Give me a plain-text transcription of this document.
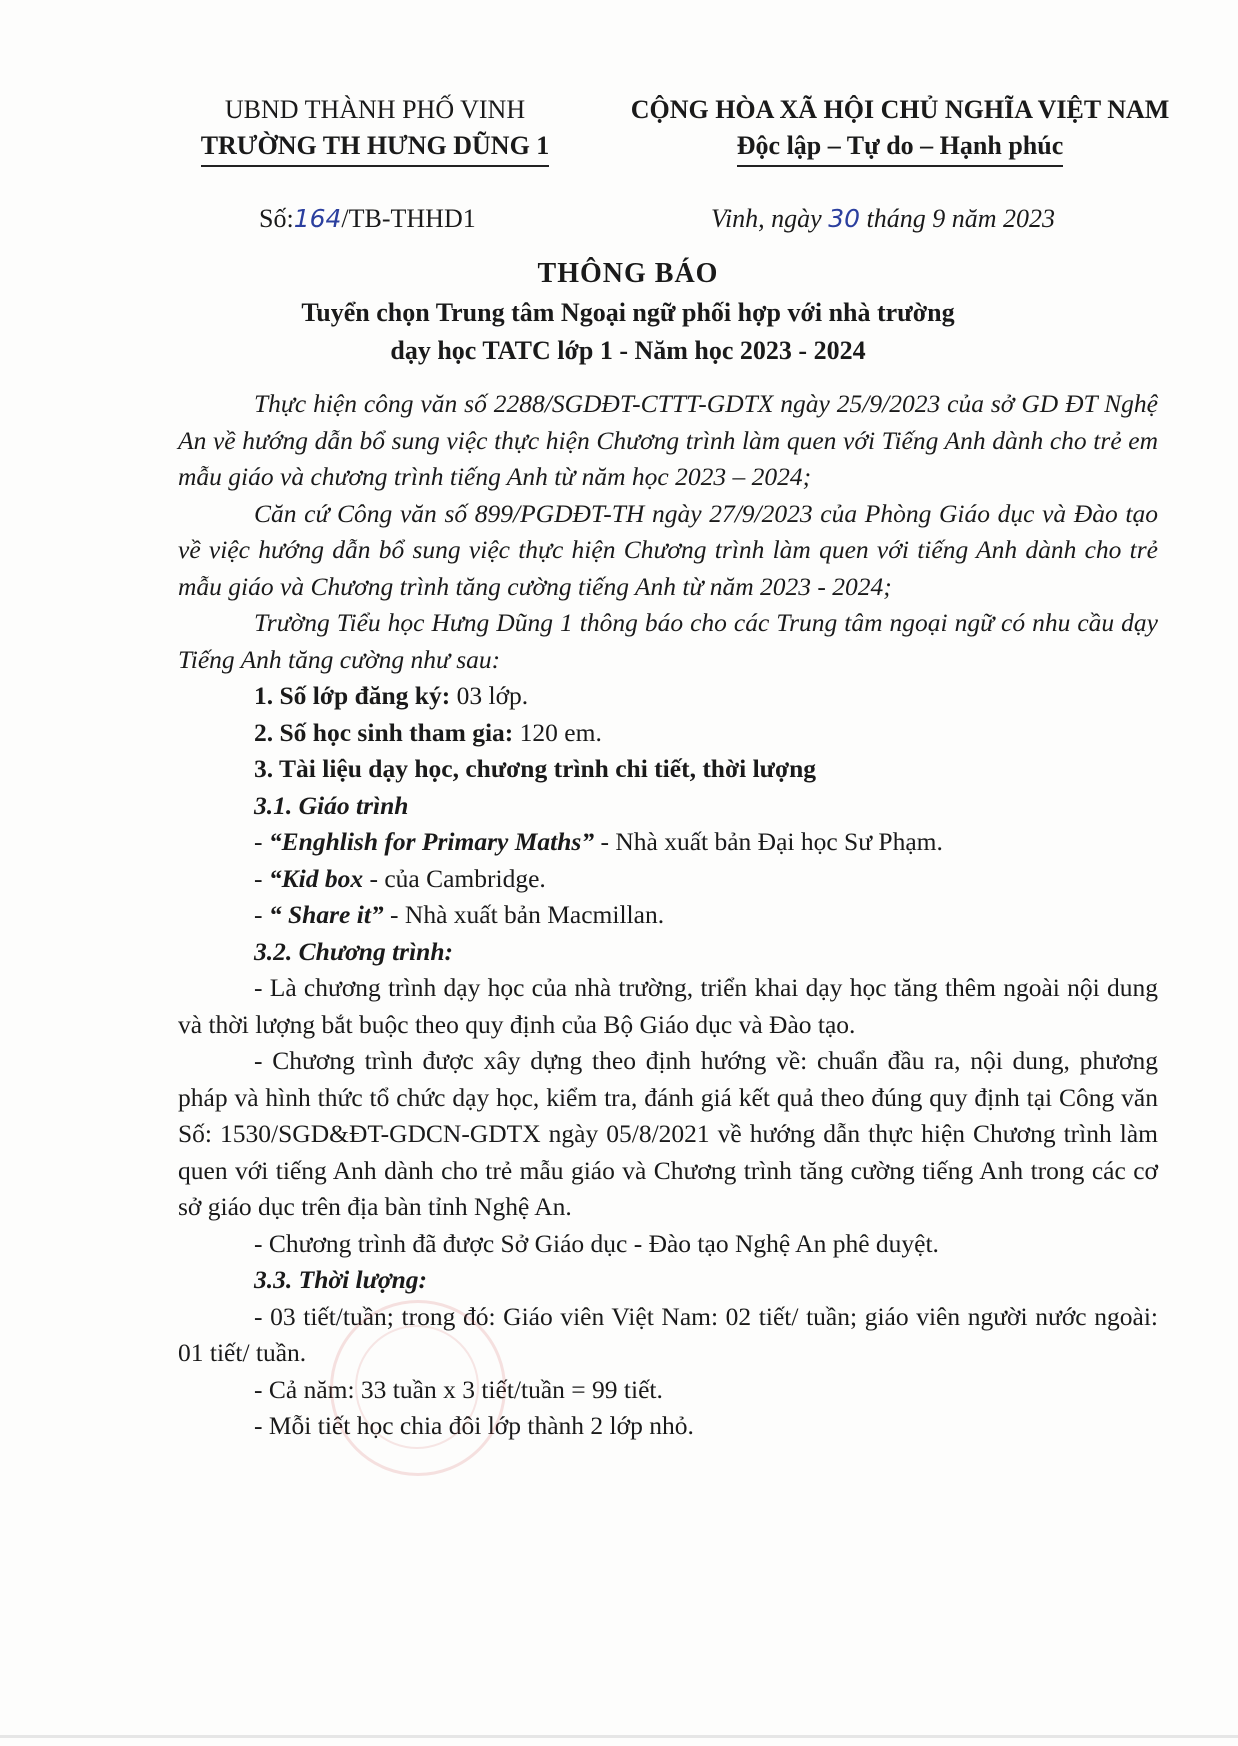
UBND THÀNH PHỐ VINH
TRƯỜNG TH HƯNG DŨNG 1
CỘNG HÒA XÃ HỘI CHỦ NGHĨA VIỆT NAM
Độc lập – Tự do – Hạnh phúc
Số:164/TB-THHD1	Vinh, ngày 30 tháng 9 năm 2023
THÔNG BÁO
Tuyển chọn Trung tâm Ngoại ngữ phối hợp với nhà trường
dạy học TATC lớp 1 - Năm học 2023 - 2024

Thực hiện công văn số 2288/SGDĐT-CTTT-GDTX ngày 25/9/2023 của sở GD ĐT Nghệ An về hướng dẫn bổ sung việc thực hiện Chương trình làm quen với Tiếng Anh dành cho trẻ em mẫu giáo và chương trình tiếng Anh từ năm học 2023 – 2024;

Căn cứ Công văn số 899/PGDĐT-TH ngày 27/9/2023 của Phòng Giáo dục và Đào tạo về việc hướng dẫn bổ sung việc thực hiện Chương trình làm quen với tiếng Anh dành cho trẻ mẫu giáo và Chương trình tăng cường tiếng Anh từ năm 2023 - 2024;

Trường Tiểu học Hưng Dũng 1 thông báo cho các Trung tâm ngoại ngữ có nhu cầu dạy Tiếng Anh tăng cường như sau:

1. Số lớp đăng ký: 03 lớp.

2. Số học sinh tham gia: 120 em.

3. Tài liệu dạy học, chương trình chi tiết, thời lượng

3.1. Giáo trình

- “Enghlish for Primary Maths” - Nhà xuất bản Đại học Sư Phạm.

- “Kid box - của Cambridge.

- “ Share it” - Nhà xuất bản Macmillan.

3.2. Chương trình:

- Là chương trình dạy học của nhà trường, triển khai dạy học tăng thêm ngoài nội dung và thời lượng bắt buộc theo quy định của Bộ Giáo dục và Đào tạo.

- Chương trình được xây dựng theo định hướng về: chuẩn đầu ra, nội dung, phương pháp và hình thức tổ chức dạy học, kiểm tra, đánh giá kết quả theo đúng quy định tại Công văn Số: 1530/SGD&ĐT-GDCN-GDTX ngày 05/8/2021 về hướng dẫn thực hiện Chương trình làm quen với tiếng Anh dành cho trẻ mẫu giáo và Chương trình tăng cường tiếng Anh trong các cơ sở giáo dục trên địa bàn tỉnh Nghệ An.

- Chương trình đã được Sở Giáo dục - Đào tạo Nghệ An phê duyệt.

3.3. Thời lượng:

- 03 tiết/tuần; trong đó: Giáo viên Việt Nam: 02 tiết/ tuần; giáo viên người nước ngoài: 01 tiết/ tuần.

- Cả năm: 33 tuần x 3 tiết/tuần = 99 tiết.

- Mỗi tiết học chia đôi lớp thành 2 lớp nhỏ.
